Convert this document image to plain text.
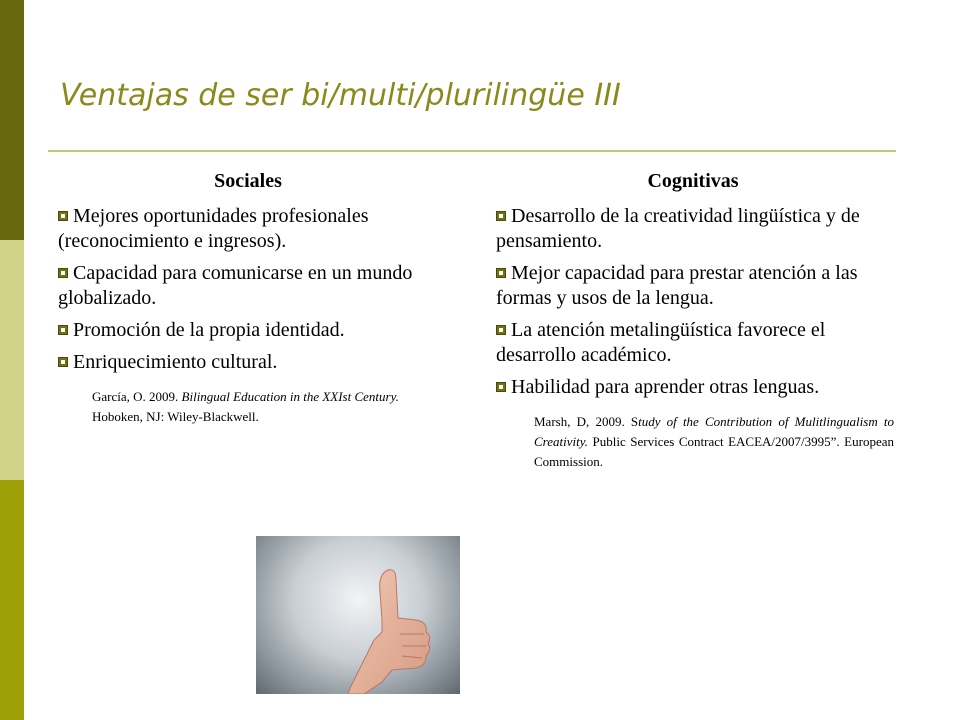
Ventajas de ser bi/multi/plurilingüe III
Sociales
Mejores oportunidades profesionales (reconocimiento e ingresos).
Capacidad para comunicarse en un mundo globalizado.
Promoción de la propia identidad.
Enriquecimiento cultural.
García, O. 2009. Bilingual Education in the XXIst Century. Hoboken, NJ: Wiley-Blackwell.
Cognitivas
Desarrollo de la creatividad lingüística y de pensamiento.
Mejor capacidad para prestar atención a las formas y usos de la lengua.
La atención metalingüística favorece el desarrollo académico.
Habilidad para aprender otras lenguas.
Marsh, D, 2009. Study of the Contribution of Mulitlingualism to Creativity. Public Services Contract EACEA/2007/3995”. European Commission.
